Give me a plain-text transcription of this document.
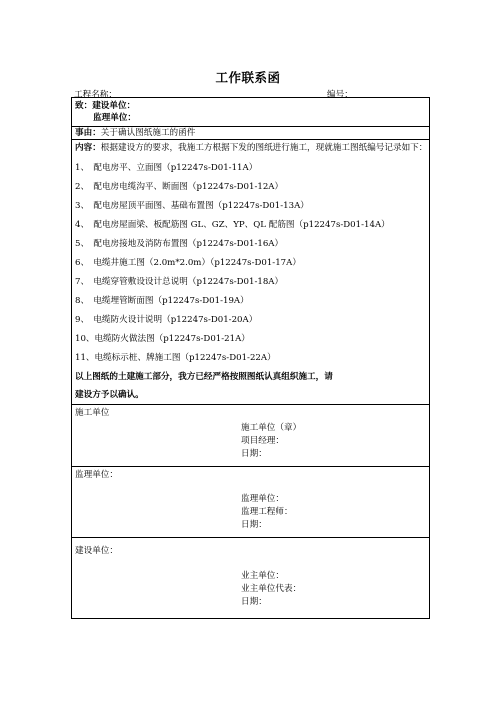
工作联系函
工程名称：	编号：
致：建设单位：
监理单位：
事由：关于确认图纸施工的函件
内容：根据建设方的要求，我施工方根据下发的图纸进行施工，现就施工图纸编号记录如下：
1、　配电房平、立面图（p12247s-D01-11A）
2、　配电房电缆沟平、断面图（p12247s-D01-12A）
3、　配电房屋顶平面图、基础布置图（p12247s-D01-13A）
4、　配电房屋面梁、板配筋图 GL、GZ、YP、QL 配筋图（p12247s-D01-14A）
5、　配电房接地及消防布置图（p12247s-D01-16A）
6、　电缆井施工图（2.0m*2.0m）（p12247s-D01-17A）
7、　电缆穿管敷设设计总说明（p12247s-D01-18A）
8、　电缆埋管断面图（p12247s-D01-19A）
9、　电缆防火设计说明（p12247s-D01-20A）
10、电缆防火做法图（p12247s-D01-21A）
11、电缆标示桩、牌施工图（p12247s-D01-22A）
以上图纸的土建施工部分，我方已经严格按照图纸认真组织施工，请
建设方予以确认。
施工单位
施工单位（章）
项目经理：
日期：
监理单位：
监理单位：
监理工程师：
日期：
建设单位：
业主单位：
业主单位代表：
日期：
